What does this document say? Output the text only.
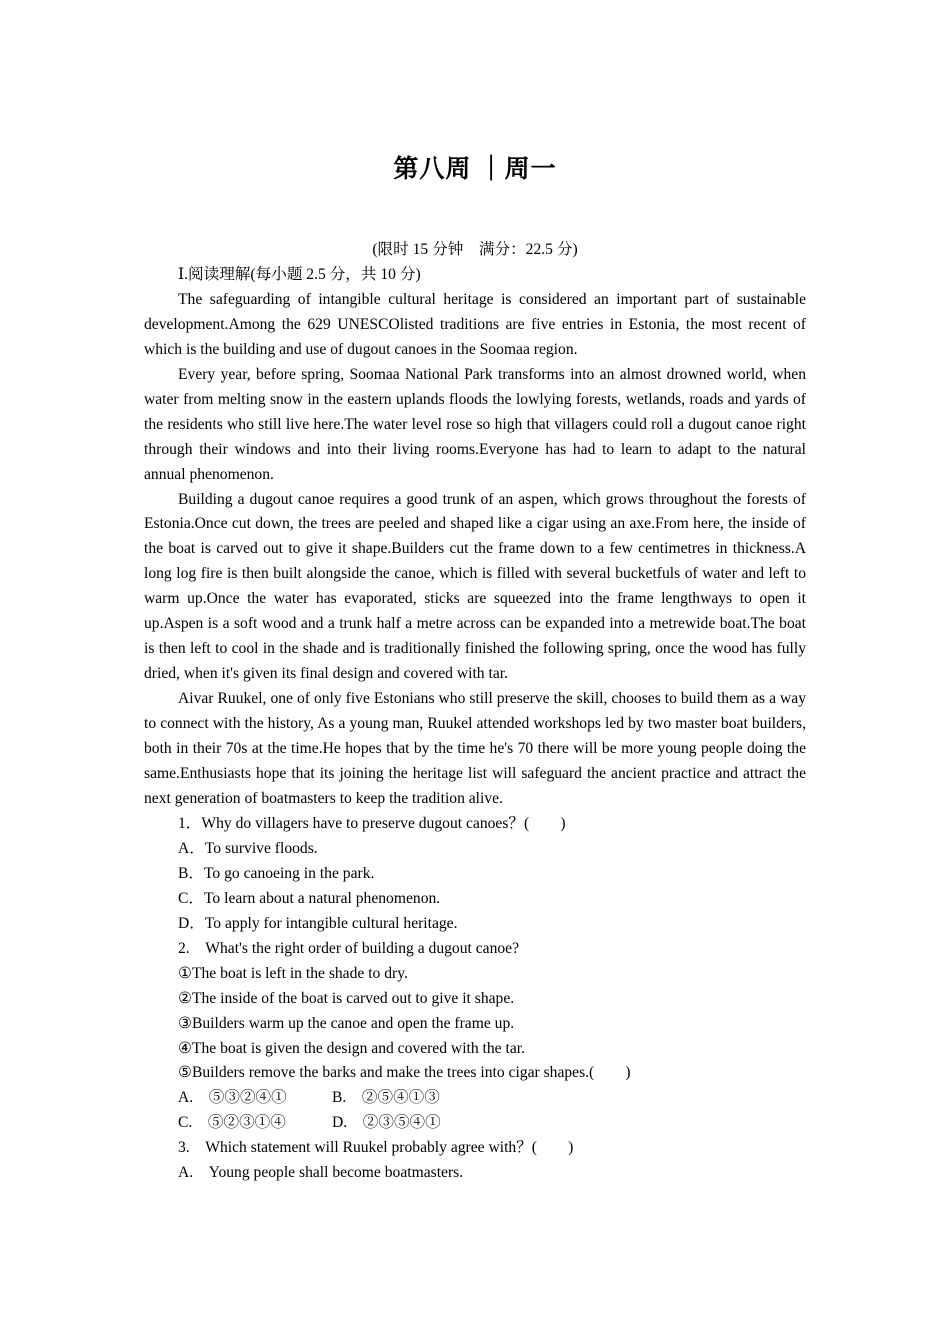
第八周 ｜周一
(限时 15 分钟　满分：22.5 分)
Ⅰ.阅读理解(每小题 2.5 分，共 10 分)

The safeguarding of intangible cultural heritage is considered an important part of sustainable development.Among the 629 UNESCOlisted traditions are five entries in Estonia, the most recent of which is the building and use of dugout canoes in the Soomaa region.

Every year, before spring, Soomaa National Park transforms into an almost drowned world, when water from melting snow in the eastern uplands floods the lowlying forests, wetlands, roads and yards of the residents who still live here.The water level rose so high that villagers could roll a dugout canoe right through their windows and into their living rooms.Everyone has had to learn to adapt to the natural annual phenomenon.

Building a dugout canoe requires a good trunk of an aspen, which grows throughout the forests of Estonia.Once cut down, the trees are peeled and shaped like a cigar using an axe.From here, the inside of the boat is carved out to give it shape.Builders cut the frame down to a few centimetres in thickness.A long log fire is then built alongside the canoe, which is filled with several bucketfuls of water and left to warm up.Once the water has evaporated, sticks are squeezed into the frame lengthways to open it up.Aspen is a soft wood and a trunk half a metre across can be expanded into a metrewide boat.The boat is then left to cool in the shade and is traditionally finished the following spring, once the wood has fully dried, when it's given its final design and covered with tar.

Aivar Ruukel, one of only five Estonians who still preserve the skill, chooses to build them as a way to connect with the history, As a young man, Ruukel attended workshops led by two master boat builders, both in their 70s at the time.He hopes that by the time he's 70 there will be more young people doing the same.Enthusiasts hope that its joining the heritage list will safeguard the ancient practice and attract the next generation of boatmasters to keep the tradition alive.

1．Why do villagers have to preserve dugout canoes？(　　)
A．To survive floods.
B．To go canoeing in the park.
C．To learn about a natural phenomenon.
D．To apply for intangible cultural heritage.
2.　What's the right order of building a dugout canoe?
①The boat is left in the shade to dry.
②The inside of the boat is carved out to give it shape.
③Builders warm up the canoe and open the frame up.
④The boat is given the design and covered with the tar.
⑤Builders remove the barks and make the trees into cigar shapes.(　　)
A.　⑤③②④①	B.　②⑤④①③
C.　⑤②③①④	D.　②③⑤④①
3.　Which statement will Ruukel probably agree with？(　　)
A.　Young people shall become boatmasters.
